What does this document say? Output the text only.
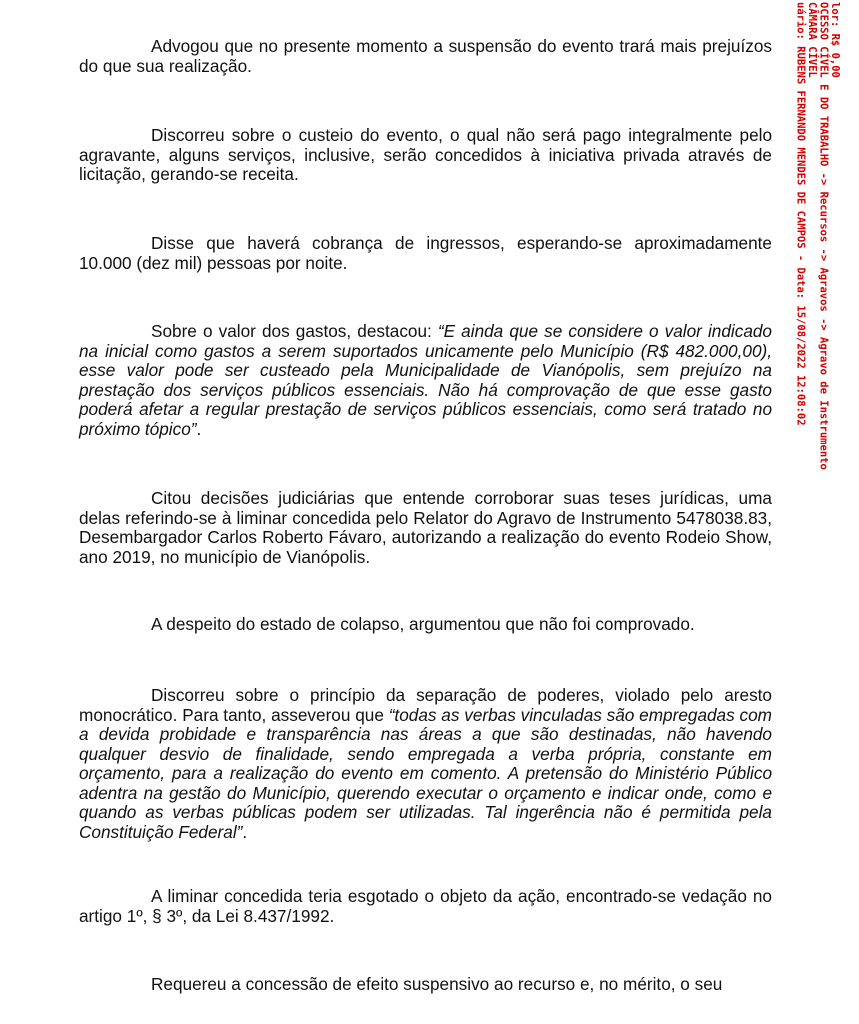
lor: R$ 0,00
OCESSO CÍVEL E DO TRABALHO -> Recursos -> Agravos -> Agravo de Instrumento
CÂMARA CÍVEL
uário: RUBENS FERNANDO MENDES DE CAMPOS - Data: 15/08/2022 12:08:02

Advogou que no presente momento a suspensão do evento trará mais prejuízos do que sua realização.

Discorreu sobre o custeio do evento, o qual não será pago integralmente pelo agravante, alguns serviços, inclusive, serão concedidos à iniciativa privada através de licitação, gerando-se receita.

Disse que haverá cobrança de ingressos, esperando-se aproximadamente 10.000 (dez mil) pessoas por noite.

Sobre o valor dos gastos, destacou: “E ainda que se considere o valor indicado na inicial como gastos a serem suportados unicamente pelo Município (R$ 482.000,00), esse valor pode ser custeado pela Municipalidade de Vianópolis, sem prejuízo na prestação dos serviços públicos essenciais. Não há comprovação de que esse gasto poderá afetar a regular prestação de serviços públicos essenciais, como será tratado no próximo tópico”.

Citou decisões judiciárias que entende corroborar suas teses jurídicas, uma delas referindo-se à liminar concedida pelo Relator do Agravo de Instrumento 5478038.83, Desembargador Carlos Roberto Fávaro, autorizando a realização do evento Rodeio Show, ano 2019, no município de Vianópolis.

A despeito do estado de colapso, argumentou que não foi comprovado.

Discorreu sobre o princípio da separação de poderes, violado pelo aresto monocrático. Para tanto, asseverou que “todas as verbas vinculadas são empregadas com a devida probidade e transparência nas áreas a que são destinadas, não havendo qualquer desvio de finalidade, sendo empregada a verba própria, constante em orçamento, para a realização do evento em comento. A pretensão do Ministério Público adentra na gestão do Município, querendo executar o orçamento e indicar onde, como e quando as verbas públicas podem ser utilizadas. Tal ingerência não é permitida pela Constituição Federal”.

A liminar concedida teria esgotado o objeto da ação, encontrado-se vedação no artigo 1º, § 3º, da Lei 8.437/1992.

Requereu a concessão de efeito suspensivo ao recurso e, no mérito, o seu
